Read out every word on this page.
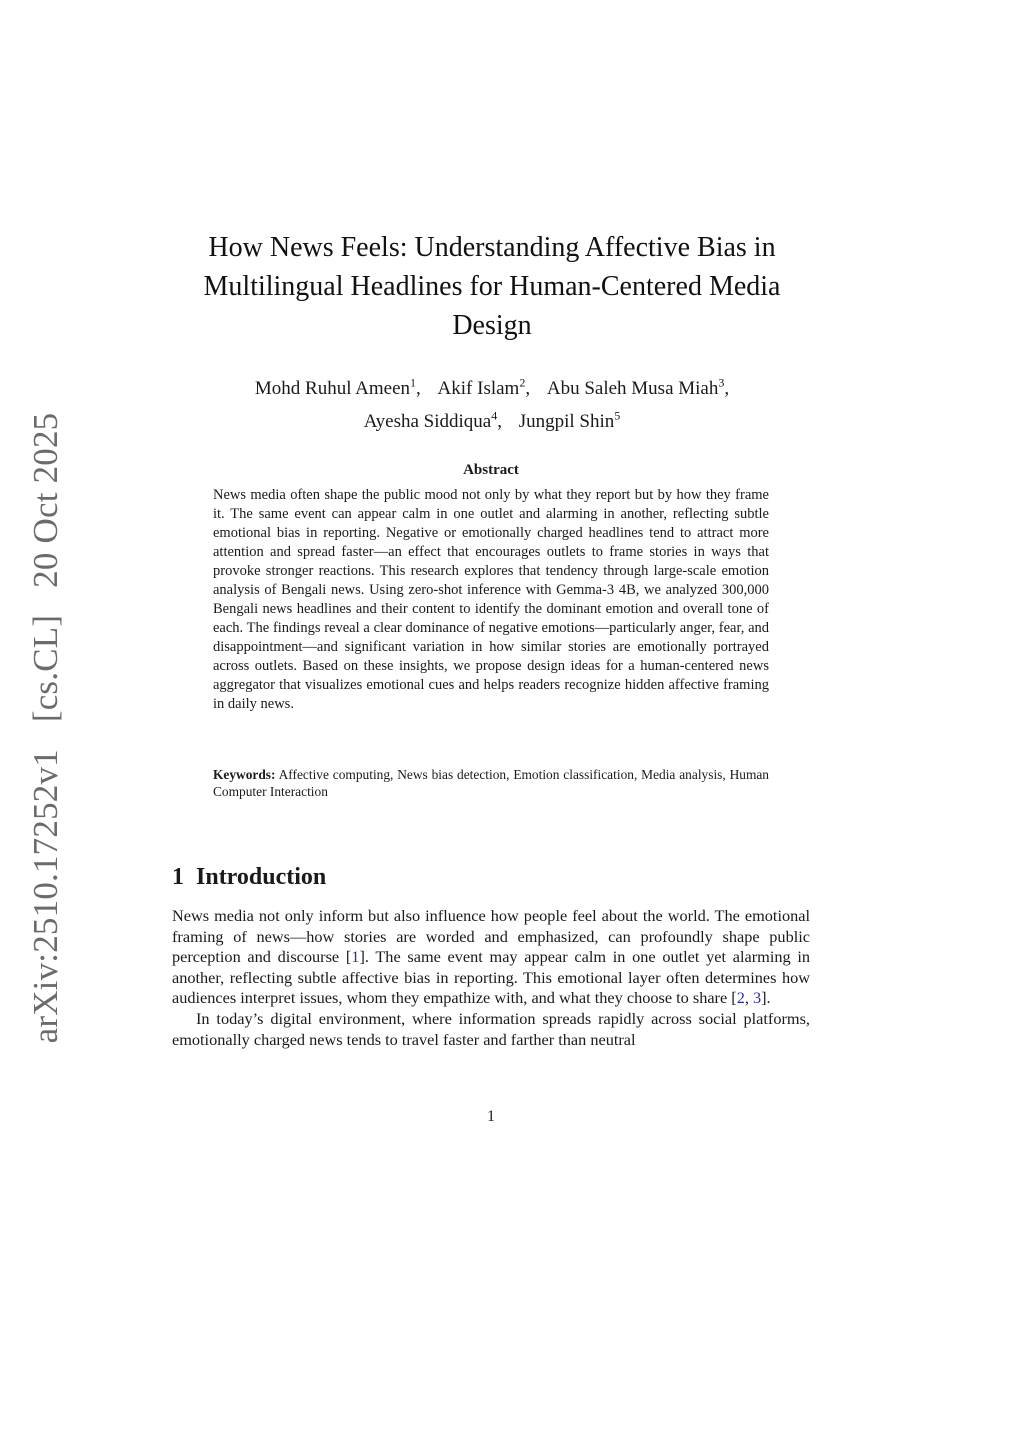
arXiv:2510.17252v1 [cs.CL] 20 Oct 2025
How News Feels: Understanding Affective Bias in
Multilingual Headlines for Human-Centered Media
Design
Mohd Ruhul Ameen$^1$, Akif Islam$^2$, Abu Saleh Musa Miah$^3$,
Ayesha Siddiqua$^4$, Jungpil Shin$^5$
Abstract
News media often shape the public mood not only by what they report but by how they frame it. The same event can appear calm in one outlet and alarming in another, reflecting subtle emotional bias in reporting. Negative or emotionally charged headlines tend to attract more attention and spread faster—an effect that encourages outlets to frame stories in ways that provoke stronger reactions. This research explores that tendency through large-scale emotion analysis of Bengali news. Using zero-shot inference with Gemma-3 4B, we analyzed 300,000 Bengali news headlines and their content to identify the dominant emotion and overall tone of each. The findings reveal a clear dominance of negative emotions—particularly anger, fear, and disappointment—and significant variation in how similar stories are emotionally portrayed across outlets. Based on these insights, we propose design ideas for a human-centered news aggregator that visualizes emotional cues and helps readers recognize hidden affective framing in daily news.
Keywords: Affective computing, News bias detection, Emotion classification, Media analysis, Human Computer Interaction
1 Introduction

News media not only inform but also influence how people feel about the world. The emotional framing of news—how stories are worded and emphasized, can profoundly shape public perception and discourse [1]. The same event may appear calm in one outlet yet alarming in another, reflecting subtle affective bias in reporting. This emotional layer often determines how audiences interpret issues, whom they empathize with, and what they choose to share [2, 3].

In today’s digital environment, where information spreads rapidly across social platforms, emotionally charged news tends to travel faster and farther than neutral

1
